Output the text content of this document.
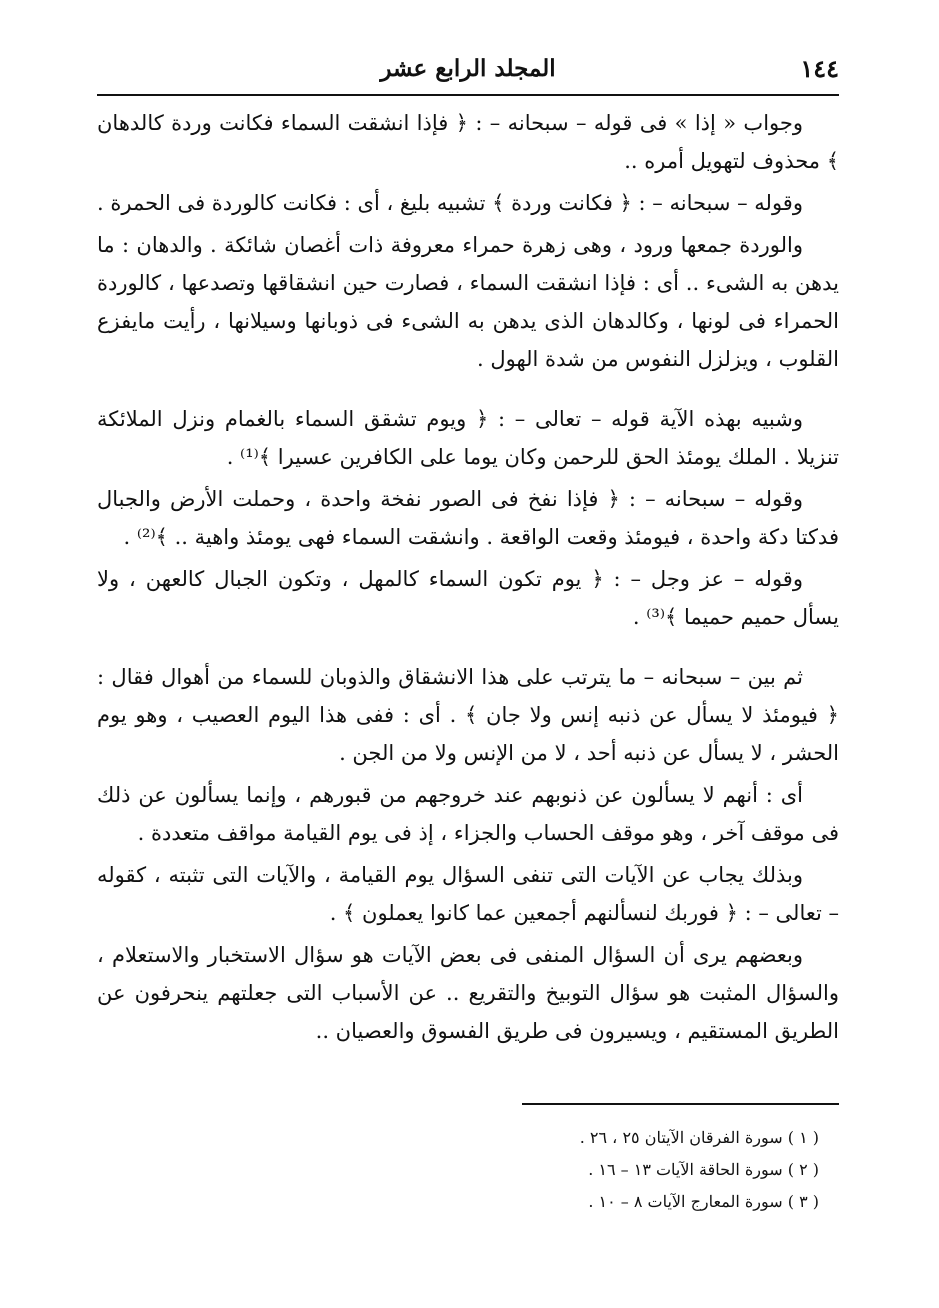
١٤٤
المجلد الرابع عشر

وجواب « إذا » فى قوله – سبحانه – : ﴿ فإذا انشقت السماء فكانت وردة كالدهان ﴾ محذوف لتهويل أمره ..

وقوله – سبحانه – : ﴿ فكانت وردة ﴾ تشبيه بليغ ، أى : فكانت كالوردة فى الحمرة .

والوردة جمعها ورود ، وهى زهرة حمراء معروفة ذات أغصان شائكة . والدهان : ما يدهن به الشىء .. أى : فإذا انشقت السماء ، فصارت حين انشقاقها وتصدعها ، كالوردة الحمراء فى لونها ، وكالدهان الذى يدهن به الشىء فى ذوبانها وسيلانها ، رأيت مايفزع القلوب ، ويزلزل النفوس من شدة الهول .

وشبيه بهذه الآية قوله – تعالى – : ﴿ ويوم تشقق السماء بالغمام ونزل الملائكة تنزيلا . الملك يومئذ الحق للرحمن وكان يوما على الكافرين عسيرا ﴾⁽¹⁾ .

وقوله – سبحانه – : ﴿ فإذا نفخ فى الصور نفخة واحدة ، وحملت الأرض والجبال فدكتا دكة واحدة ، فيومئذ وقعت الواقعة . وانشقت السماء فهى يومئذ واهية .. ﴾⁽²⁾ .

وقوله – عز وجل – : ﴿ يوم تكون السماء كالمهل ، وتكون الجبال كالعهن ، ولا يسأل حميم حميما ﴾⁽³⁾ .

ثم بين – سبحانه – ما يترتب على هذا الانشقاق والذوبان للسماء من أهوال فقال : ﴿ فيومئذ لا يسأل عن ذنبه إنس ولا جان ﴾ . أى : ففى هذا اليوم العصيب ، وهو يوم الحشر ، لا يسأل عن ذنبه أحد ، لا من الإنس ولا من الجن .

أى : أنهم لا يسألون عن ذنوبهم عند خروجهم من قبورهم ، وإنما يسألون عن ذلك فى موقف آخر ، وهو موقف الحساب والجزاء ، إذ فى يوم القيامة مواقف متعددة .

وبذلك يجاب عن الآيات التى تنفى السؤال يوم القيامة ، والآيات التى تثبته ، كقوله – تعالى – : ﴿ فوربك لنسألنهم أجمعين عما كانوا يعملون ﴾ .

وبعضهم يرى أن السؤال المنفى فى بعض الآيات هو سؤال الاستخبار والاستعلام ، والسؤال المثبت هو سؤال التوبيخ والتقريع .. عن الأسباب التى جعلتهم ينحرفون عن الطريق المستقيم ، ويسيرون فى طريق الفسوق والعصيان ..

( ١ ) سورة الفرقان الآيتان ٢٥ ، ٢٦ .
( ٢ ) سورة الحاقة الآيات ١٣ – ١٦ .
( ٣ ) سورة المعارج الآيات ٨ – ١٠ .
